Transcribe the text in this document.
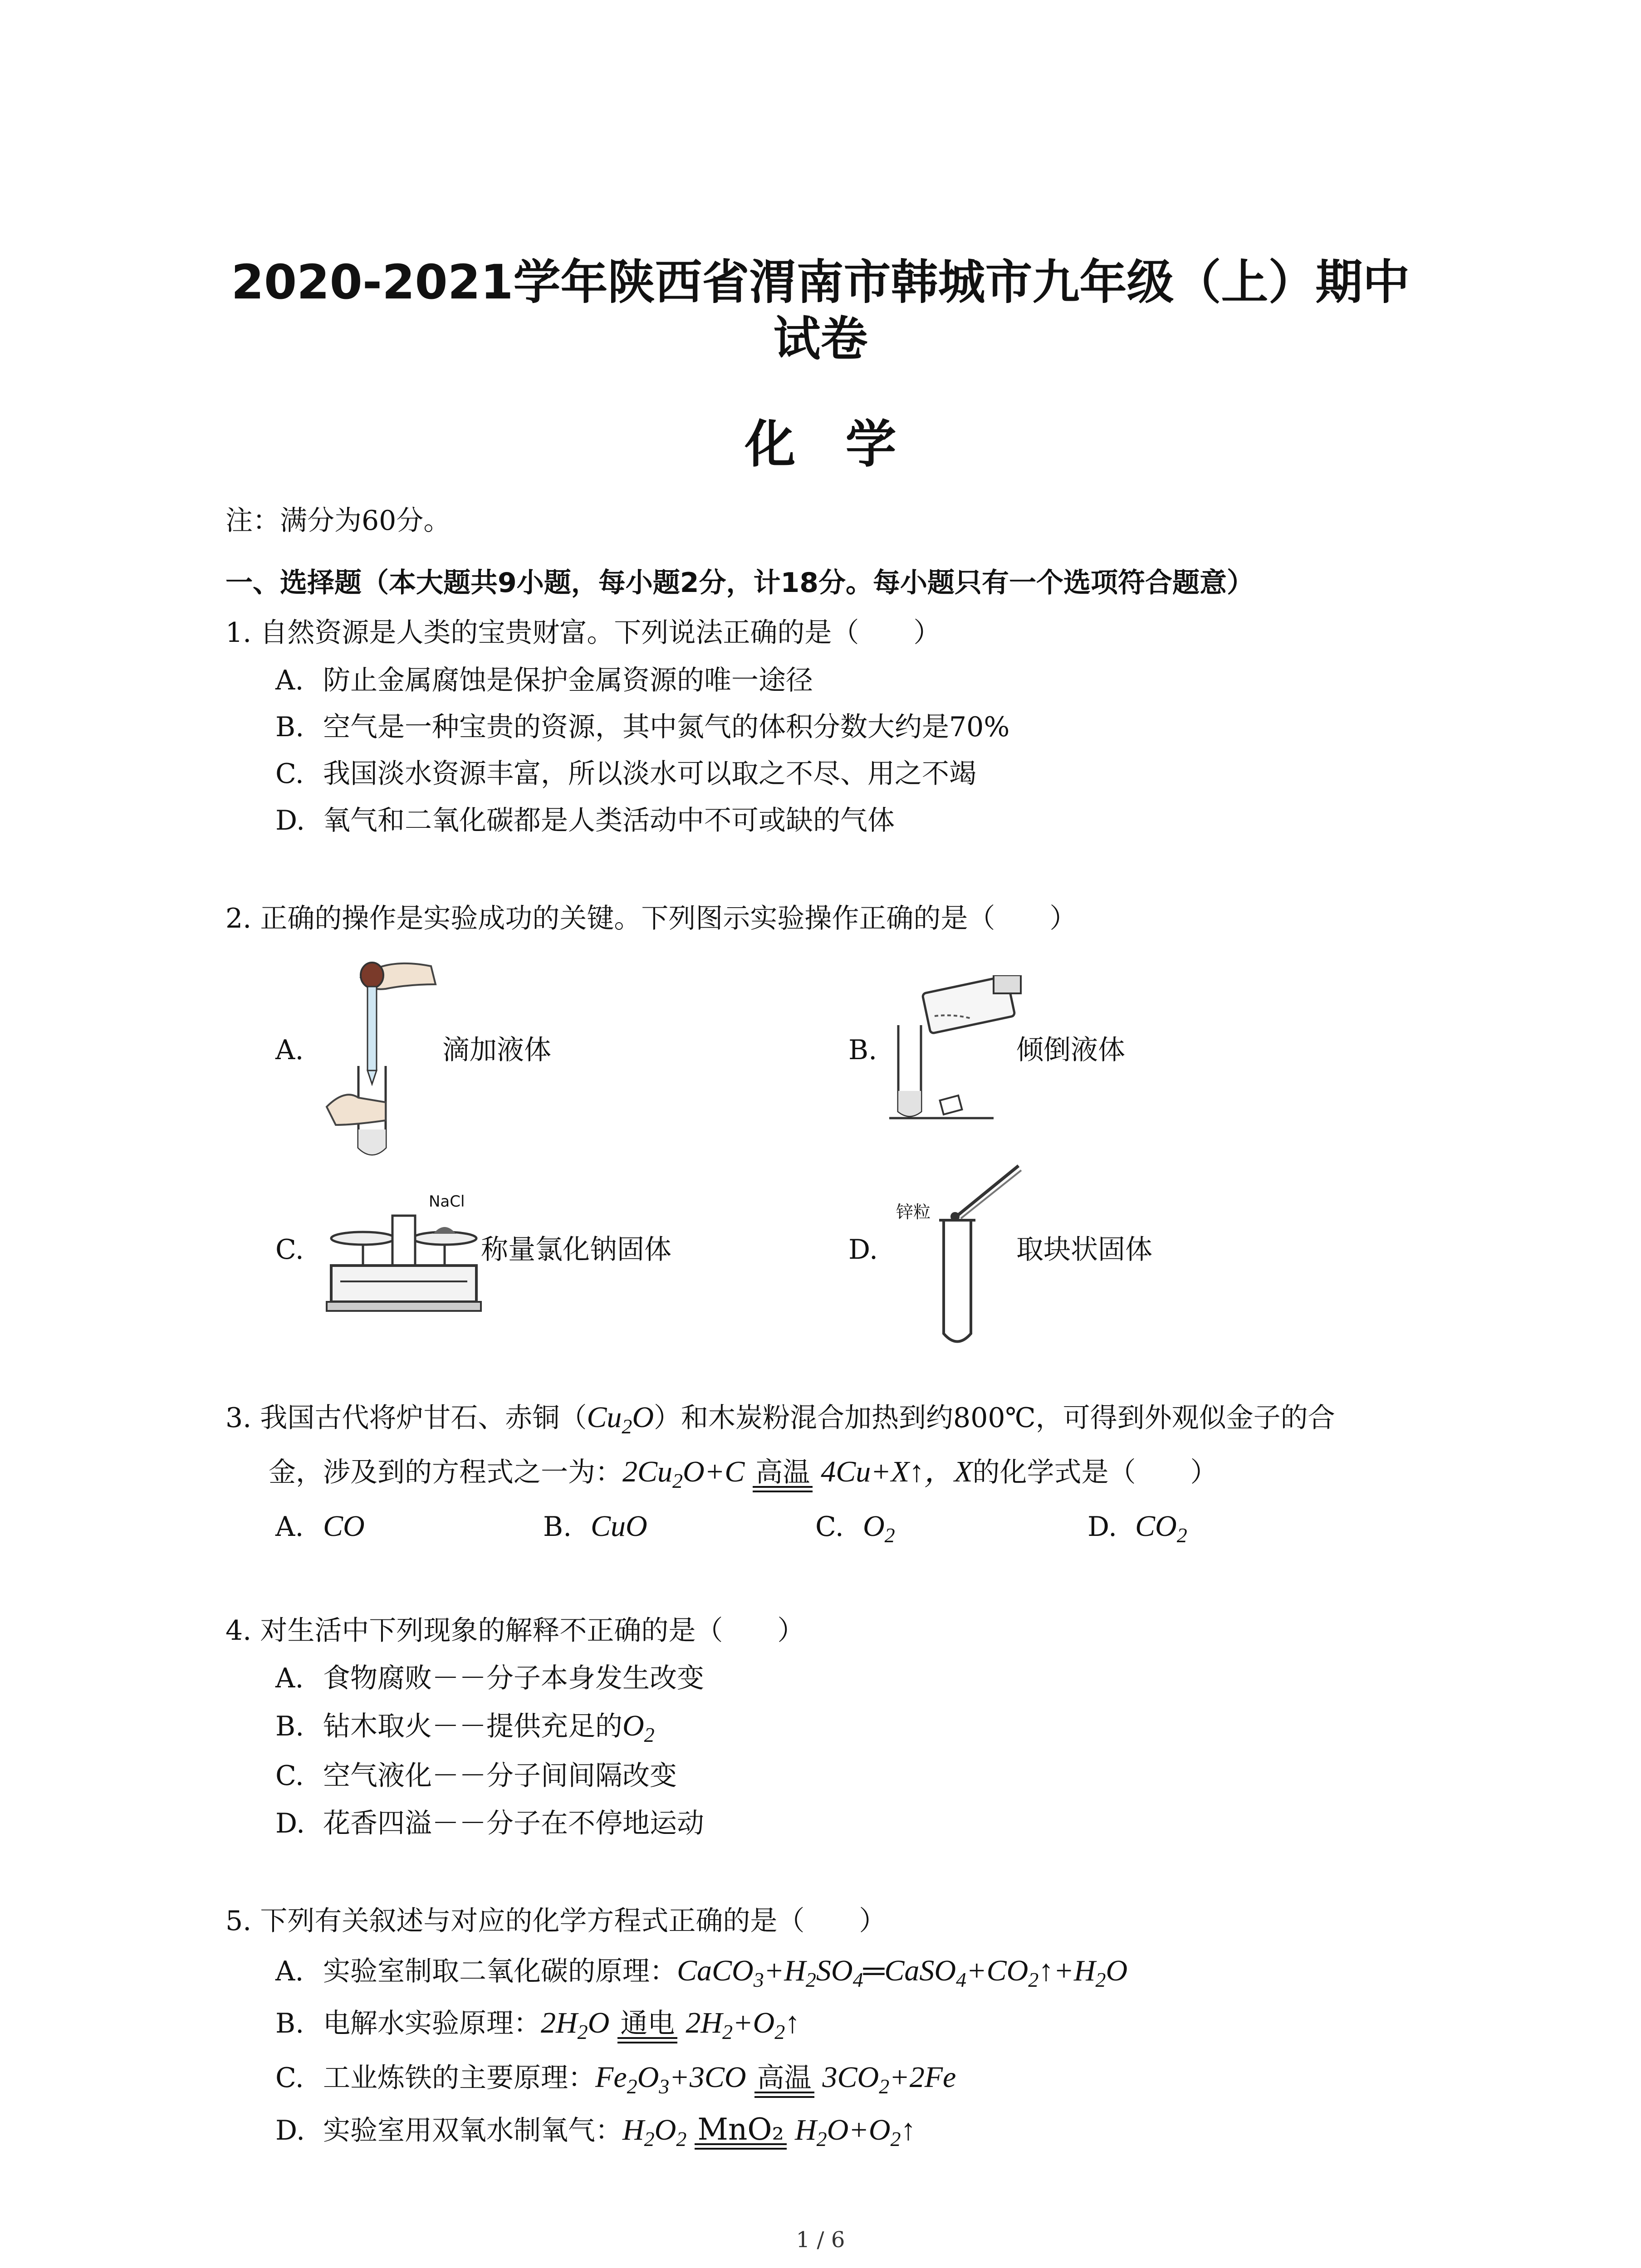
2020-2021学年陕西省渭南市韩城市九年级（上）期中
试卷
化学
注：满分为60分。
一、选择题（本大题共9小题，每小题2分，计18分。每小题只有一个选项符合题意）
1. 自然资源是人类的宝贵财富。下列说法正确的是（　　）
A. 防止金属腐蚀是保护金属资源的唯一途径
B. 空气是一种宝贵的资源，其中氮气的体积分数大约是70%
C. 我国淡水资源丰富，所以淡水可以取之不尽、用之不竭
D. 氧气和二氧化碳都是人类活动中不可或缺的气体
2. 正确的操作是实验成功的关键。下列图示实验操作正确的是（　　）
A.	滴加液体	B.	倾倒液体
C.
NaCl
称量氯化钠固体	D.
锌粒
取块状固体
3. 我国古代将炉甘石、赤铜$(Cu_2O)$和木炭粉混合加热到约800℃，可得到外观似金子的合
金，涉及到的方程式之一为：$2Cu_2O+C$ 高温 4Cu+X↑，X的化学式是（　　）
A. CO	B. CuO	C. $O_2$	D. $CO_2$
4. 对生活中下列现象的解释不正确的是（　　）
A. 食物腐败－－分子本身发生改变
B. 钻木取火－－提供充足的$O_2$
C. 空气液化－－分子间间隔改变
D. 花香四溢－－分子在不停地运动
5. 下列有关叙述与对应的化学方程式正确的是（　　）
A. 实验室制取二氧化碳的原理：$CaCO_3+H_2SO_4═CaSO_4+CO_2↑+H_2O$
B. 电解水实验原理：$2H_2O$ 通电 $2H_2+O_2↑$
C. 工业炼铁的主要原理：$Fe_2O_3+3CO$ 高温 $3CO_2+2Fe$
D. 实验室用双氧水制氧气：$H_2O_2$ MnO₂ $H_2O+O_2↑$
1 / 6
